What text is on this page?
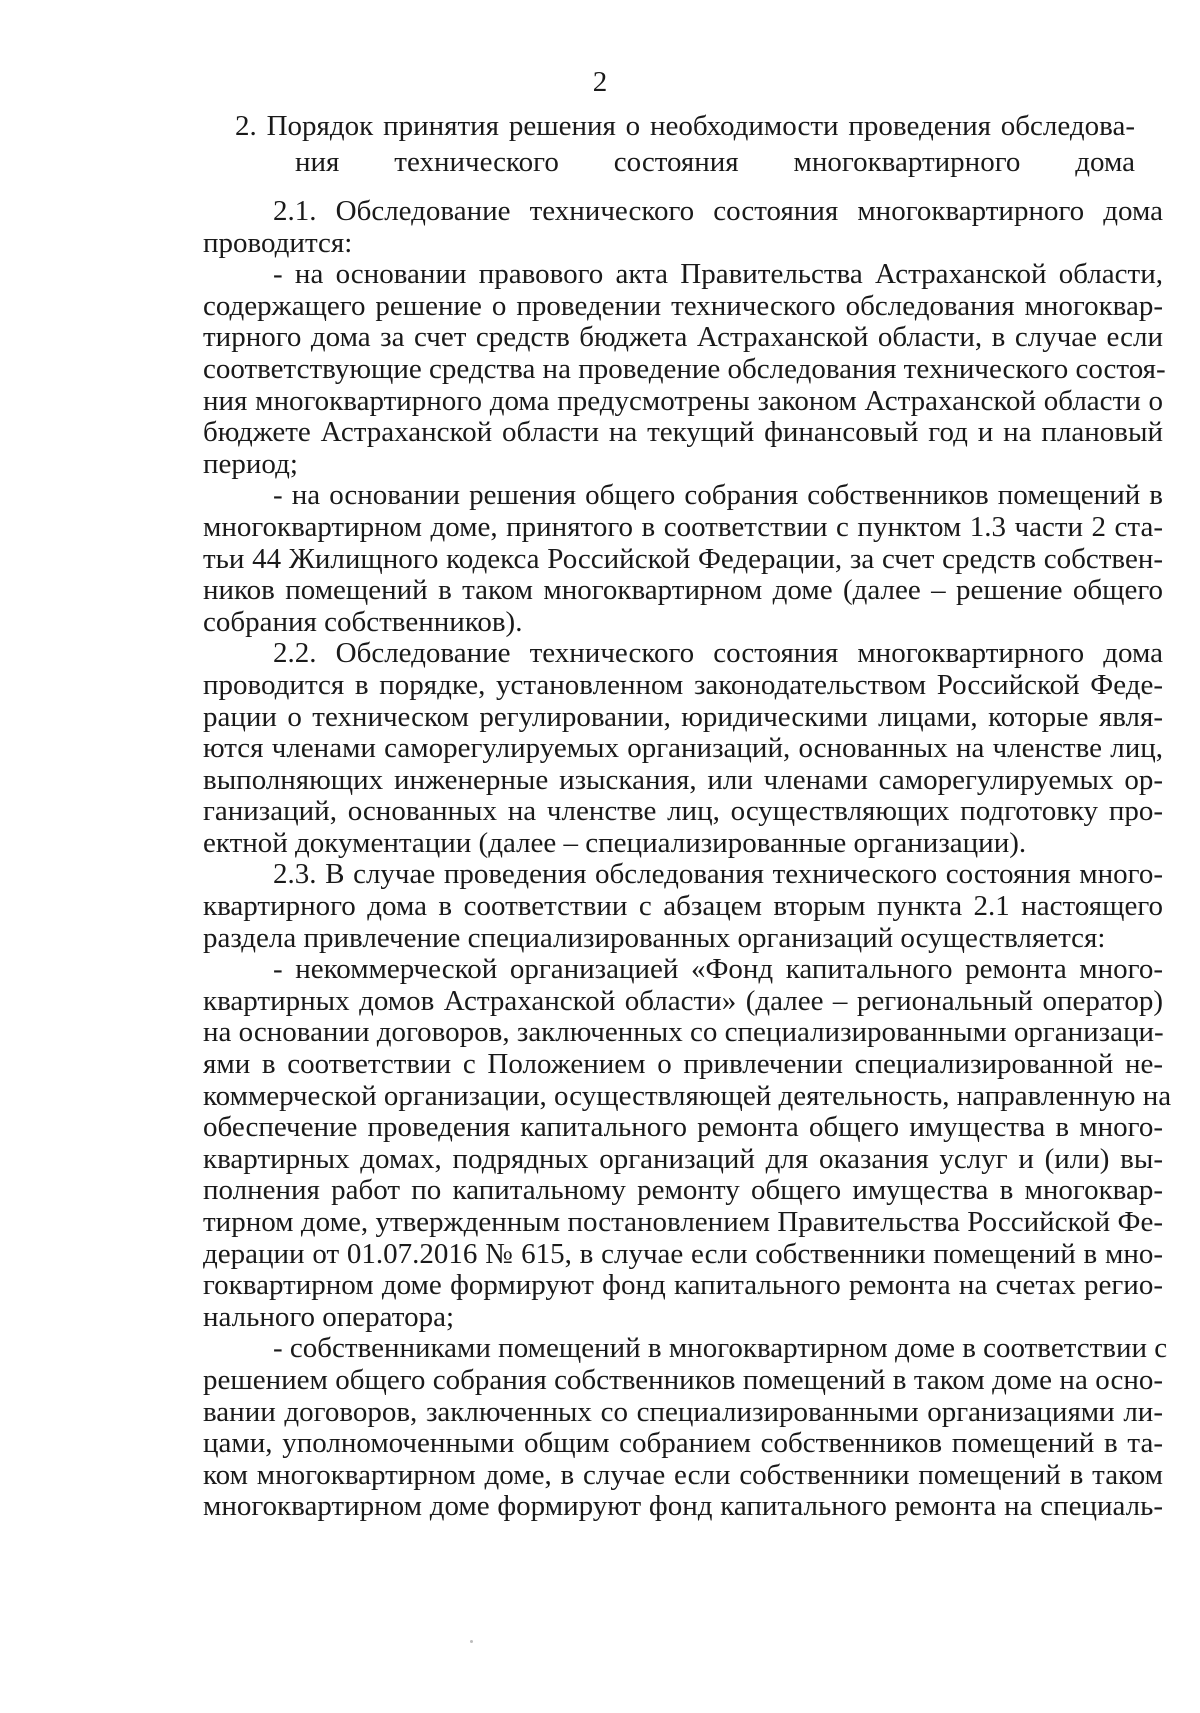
2
2. Порядок принятия решения о необходимости проведения обследова-
ния технического состояния многоквартирного дома
2.1. Обследование технического состояния многоквартирного дома
проводится:
- на основании правового акта Правительства Астраханской области,
содержащего решение о проведении технического обследования многоквар-
тирного дома за счет средств бюджета Астраханской области, в случае если
соответствующие средства на проведение обследования технического состоя-
ния многоквартирного дома предусмотрены законом Астраханской области о
бюджете Астраханской области на текущий финансовый год и на плановый
период;
- на основании решения общего собрания собственников помещений в
многоквартирном доме, принятого в соответствии с пунктом 1.3 части 2 ста-
тьи 44 Жилищного кодекса Российской Федерации, за счет средств собствен-
ников помещений в таком многоквартирном доме (далее – решение общего
собрания собственников).
2.2. Обследование технического состояния многоквартирного дома
проводится в порядке, установленном законодательством Российской Феде-
рации о техническом регулировании, юридическими лицами, которые явля-
ются членами саморегулируемых организаций, основанных на членстве лиц,
выполняющих инженерные изыскания, или членами саморегулируемых ор-
ганизаций, основанных на членстве лиц, осуществляющих подготовку про-
ектной документации (далее – специализированные организации).
2.3. В случае проведения обследования технического состояния много-
квартирного дома в соответствии с абзацем вторым пункта 2.1 настоящего
раздела привлечение специализированных организаций осуществляется:
- некоммерческой организацией «Фонд капитального ремонта много-
квартирных домов Астраханской области» (далее – региональный оператор)
на основании договоров, заключенных со специализированными организаци-
ями в соответствии с Положением о привлечении специализированной не-
коммерческой организации, осуществляющей деятельность, направленную на
обеспечение проведения капитального ремонта общего имущества в много-
квартирных домах, подрядных организаций для оказания услуг и (или) вы-
полнения работ по капитальному ремонту общего имущества в многоквар-
тирном доме, утвержденным постановлением Правительства Российской Фе-
дерации от 01.07.2016 № 615, в случае если собственники помещений в мно-
гоквартирном доме формируют фонд капитального ремонта на счетах регио-
нального оператора;
- собственниками помещений в многоквартирном доме в соответствии с
решением общего собрания собственников помещений в таком доме на осно-
вании договоров, заключенных со специализированными организациями ли-
цами, уполномоченными общим собранием собственников помещений в та-
ком многоквартирном доме, в случае если собственники помещений в таком
многоквартирном доме формируют фонд капитального ремонта на специаль-
